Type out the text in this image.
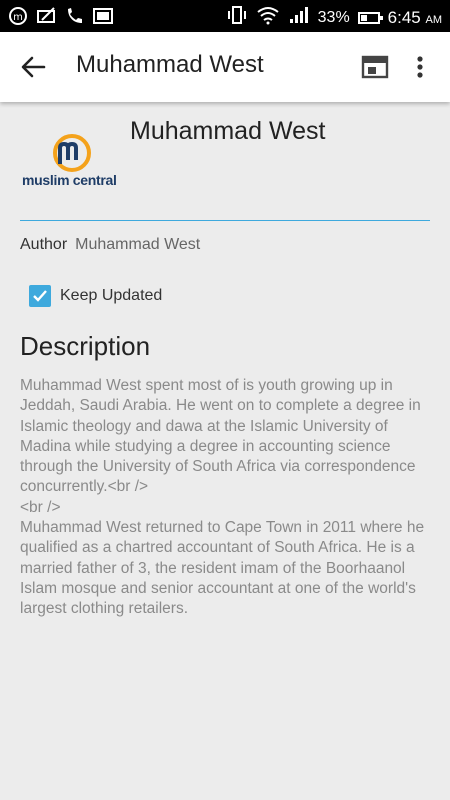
m	33% 6:45 AM
Muhammad West
muslim central
Muhammad West
Author Muhammad West
Keep Updated
Description
Muhammad West spent most of is youth growing up in Jeddah, Saudi Arabia. He went on to complete a degree in Islamic theology and dawa at the Islamic University of Madina while studying a degree in accounting science through the University of South Africa via correspondence concurrently.<br />
<br />
Muhammad West returned to Cape Town in 2011 where he qualified as a chartred accountant of South Africa. He is a married father of 3, the resident imam of the Boorhaanol Islam mosque and senior accountant at one of the world's largest clothing retailers.
